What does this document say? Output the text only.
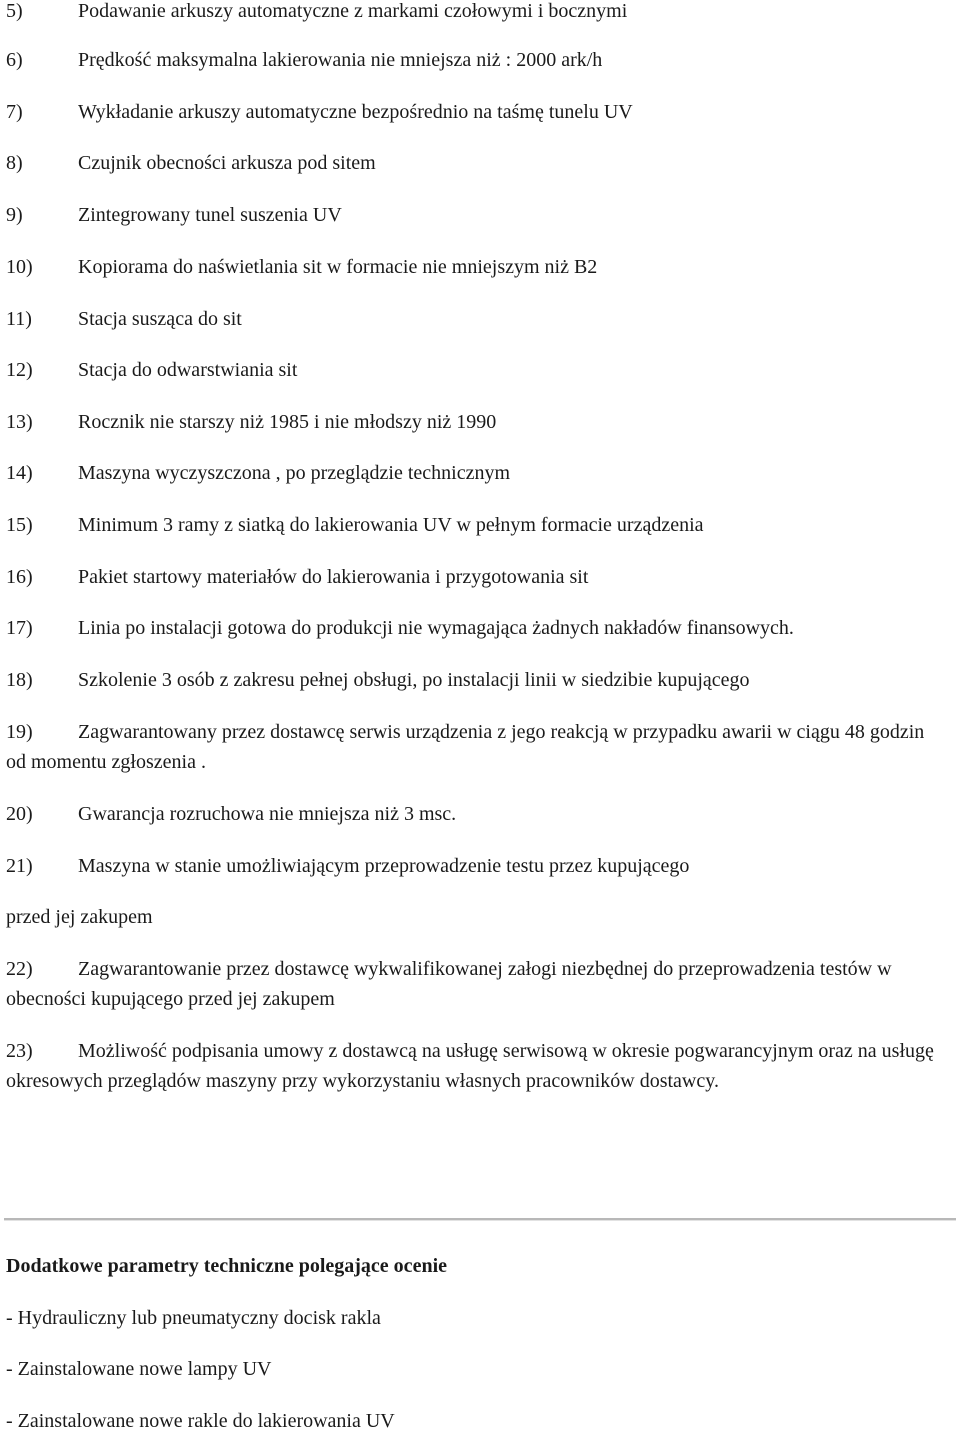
5)	Podawanie arkuszy automatyczne z markami czołowymi i bocznymi
6)	Prędkość maksymalna lakierowania nie mniejsza niż : 2000 ark/h
7)	Wykładanie arkuszy automatyczne bezpośrednio na taśmę tunelu UV
8)	Czujnik obecności arkusza pod sitem
9)	Zintegrowany tunel suszenia UV
10) Kopiorama do naświetlania sit w formacie nie mniejszym niż B2
11) Stacja susząca do sit
12) Stacja do odwarstwiania sit
13) Rocznik nie starszy niż 1985 i nie młodszy niż 1990
14) Maszyna wyczyszczona , po przeglądzie technicznym
15) Minimum 3 ramy z siatką do lakierowania UV w pełnym formacie urządzenia
16) Pakiet startowy materiałów do lakierowania i przygotowania sit
17) Linia po instalacji gotowa do produkcji nie wymagająca żadnych nakładów finansowych.
18) Szkolenie 3 osób z zakresu pełnej obsługi, po instalacji linii w siedzibie kupującego
19) Zagwarantowany przez dostawcę serwis urządzenia z jego reakcją w przypadku awarii w ciągu 48 godzin od momentu zgłoszenia .
20) Gwarancja rozruchowa nie mniejsza niż 3 msc.
21) Maszyna w stanie umożliwiającym przeprowadzenie testu przez kupującego
przed jej zakupem
22) Zagwarantowanie przez dostawcę wykwalifikowanej załogi niezbędnej do przeprowadzenia testów w obecności kupującego przed jej zakupem
23) Możliwość podpisania umowy z dostawcą na usługę serwisową w okresie pogwarancyjnym oraz na usługę okresowych przeglądów maszyny przy wykorzystaniu własnych pracowników dostawcy.
Dodatkowe parametry techniczne polegające ocenie
- Hydrauliczny lub pneumatyczny docisk rakla
- Zainstalowane nowe lampy UV
- Zainstalowane nowe rakle do lakierowania UV
